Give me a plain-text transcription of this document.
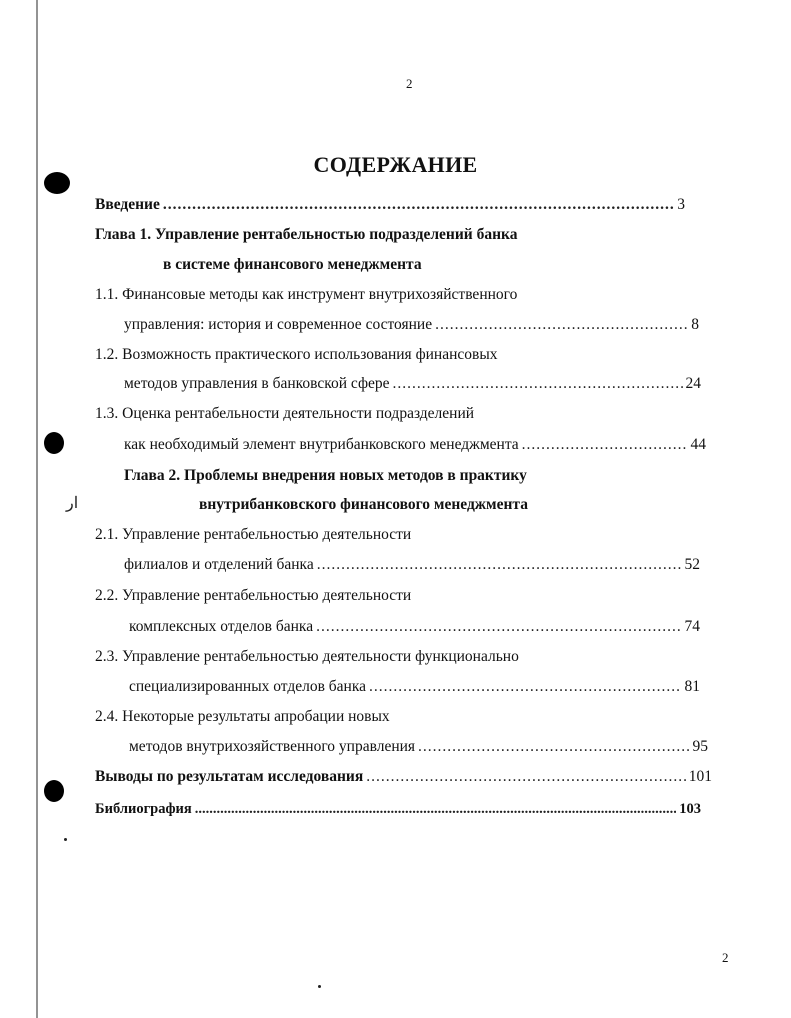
2
СОДЕРЖАНИЕ
Введение .....	3
Глава 1. Управление рентабельностью подразделений банка
в системе финансового менеджмента
1.1. Финансовые методы как инструмент внутрихозяйственного
управления: история и современное состояние .....	8
1.2. Возможность практического использования финансовых
методов управления в банковской сфере .....	24
1.3. Оценка рентабельности деятельности подразделений
как необходимый элемент внутрибанковского менеджмента .....	44
Глава 2. Проблемы внедрения новых методов в практику
внутрибанковского финансового менеджмента
2.1. Управление рентабельностью деятельности
филиалов и отделений банка .....	52
2.2. Управление рентабельностью деятельности
комплексных отделов банка .....	74
2.3. Управление рентабельностью деятельности функционально
специализированных отделов банка .....	81
2.4. Некоторые результаты апробации новых
методов внутрихозяйственного управления .....	95
Выводы по результатам исследования .....	101
Библиография .....	103
ار
2
